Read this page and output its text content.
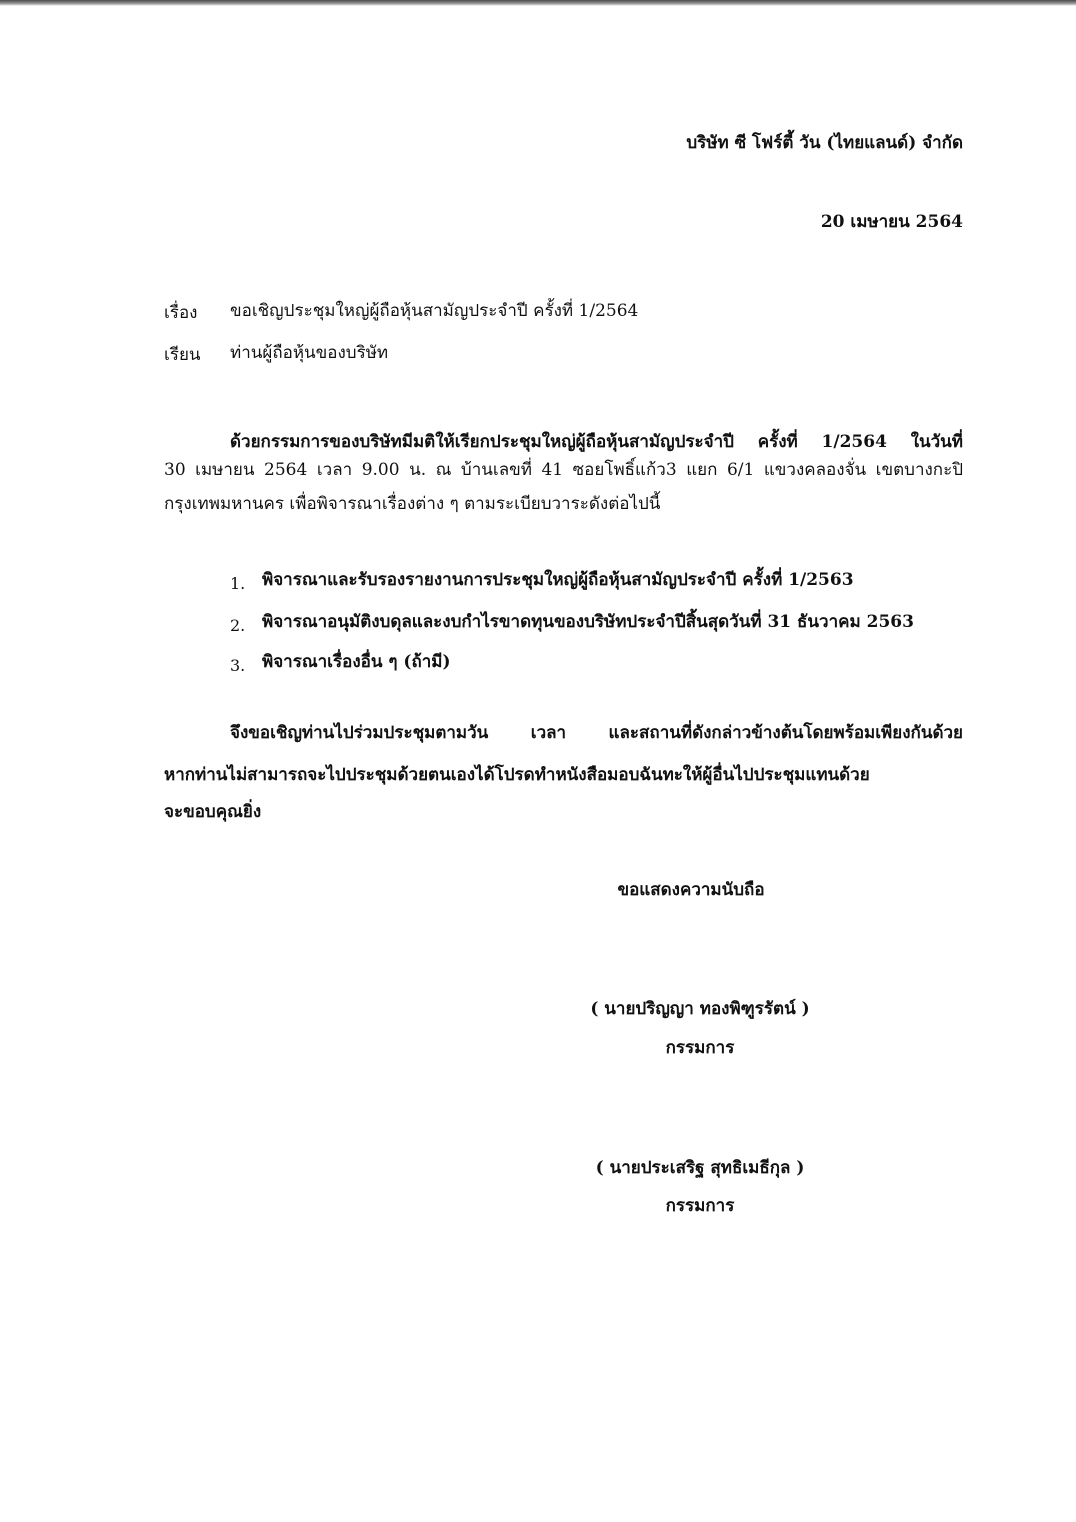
บริษัท ซี โฟร์ตี้ วัน (ไทยแลนด์) จำกัด
20 เมษายน 2564
เรื่อง ขอเชิญประชุมใหญ่ผู้ถือหุ้นสามัญประจำปี ครั้งที่ 1/2564
เรียน ท่านผู้ถือหุ้นของบริษัท
ด้วยกรรมการของบริษัทมีมติให้เรียกประชุมใหญ่ผู้ถือหุ้นสามัญประจำปี ครั้งที่ 1/2564 ในวันที่
30 เมษายน 2564 เวลา 9.00 น. ณ บ้านเลขที่ 41 ซอยโพธิ์แก้ว3 แยก 6/1 แขวงคลองจั่น เขตบางกะปิ
กรุงเทพมหานคร เพื่อพิจารณาเรื่องต่าง ๆ ตามระเบียบวาระดังต่อไปนี้
1. พิจารณาและรับรองรายงานการประชุมใหญ่ผู้ถือหุ้นสามัญประจำปี ครั้งที่ 1/2563
2. พิจารณาอนุมัติงบดุลและงบกำไรขาดทุนของบริษัทประจำปีสิ้นสุดวันที่ 31 ธันวาคม 2563
3. พิจารณาเรื่องอื่น ๆ (ถ้ามี)
จึงขอเชิญท่านไปร่วมประชุมตามวัน เวลา และสถานที่ดังกล่าวข้างต้นโดยพร้อมเพียงกันด้วย
หากท่านไม่สามารถจะไปประชุมด้วยตนเองได้โปรดทำหนังสือมอบฉันทะให้ผู้อื่นไปประชุมแทนด้วย
จะขอบคุณยิ่ง
ขอแสดงความนับถือ
( นายปริญญา ทองพิฑูรรัตน์ )
กรรมการ
( นายประเสริฐ สุทธิเมธีกุล )
กรรมการ
